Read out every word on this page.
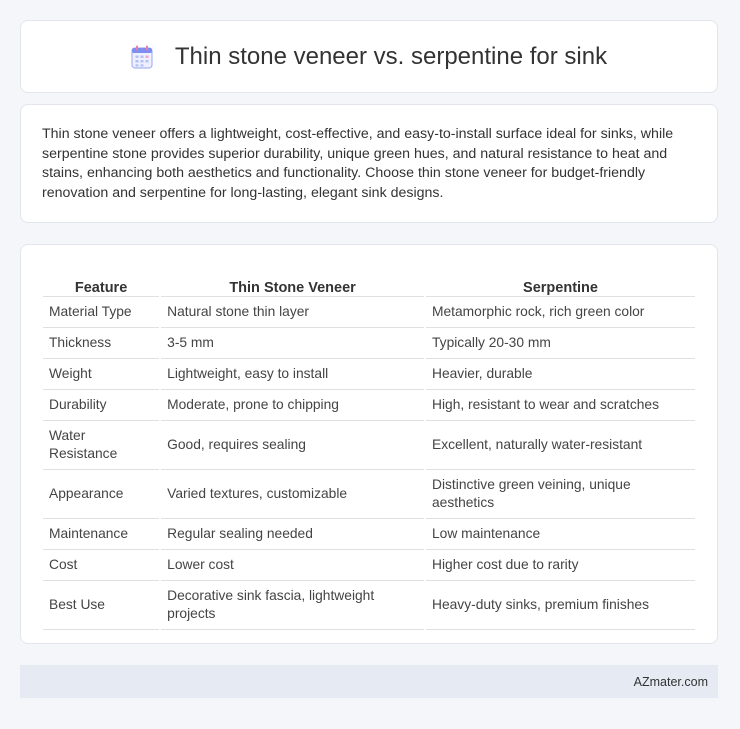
Thin stone veneer vs. serpentine for sink

Thin stone veneer offers a lightweight, cost-effective, and easy-to-install surface ideal for sinks, while serpentine stone provides superior durability, unique green hues, and natural resistance to heat and stains, enhancing both aesthetics and functionality. Choose thin stone veneer for budget-friendly renovation and serpentine for long-lasting, elegant sink designs.

Feature	Thin Stone Veneer	Serpentine
Material Type	Natural stone thin layer	Metamorphic rock, rich green color
Thickness	3-5 mm	Typically 20-30 mm
Weight	Lightweight, easy to install	Heavier, durable
Durability	Moderate, prone to chipping	High, resistant to wear and scratches
Water Resistance	Good, requires sealing	Excellent, naturally water-resistant
Appearance	Varied textures, customizable	Distinctive green veining, unique aesthetics
Maintenance	Regular sealing needed	Low maintenance
Cost	Lower cost	Higher cost due to rarity
Best Use	Decorative sink fascia, lightweight projects	Heavy-duty sinks, premium finishes
AZmater.com
